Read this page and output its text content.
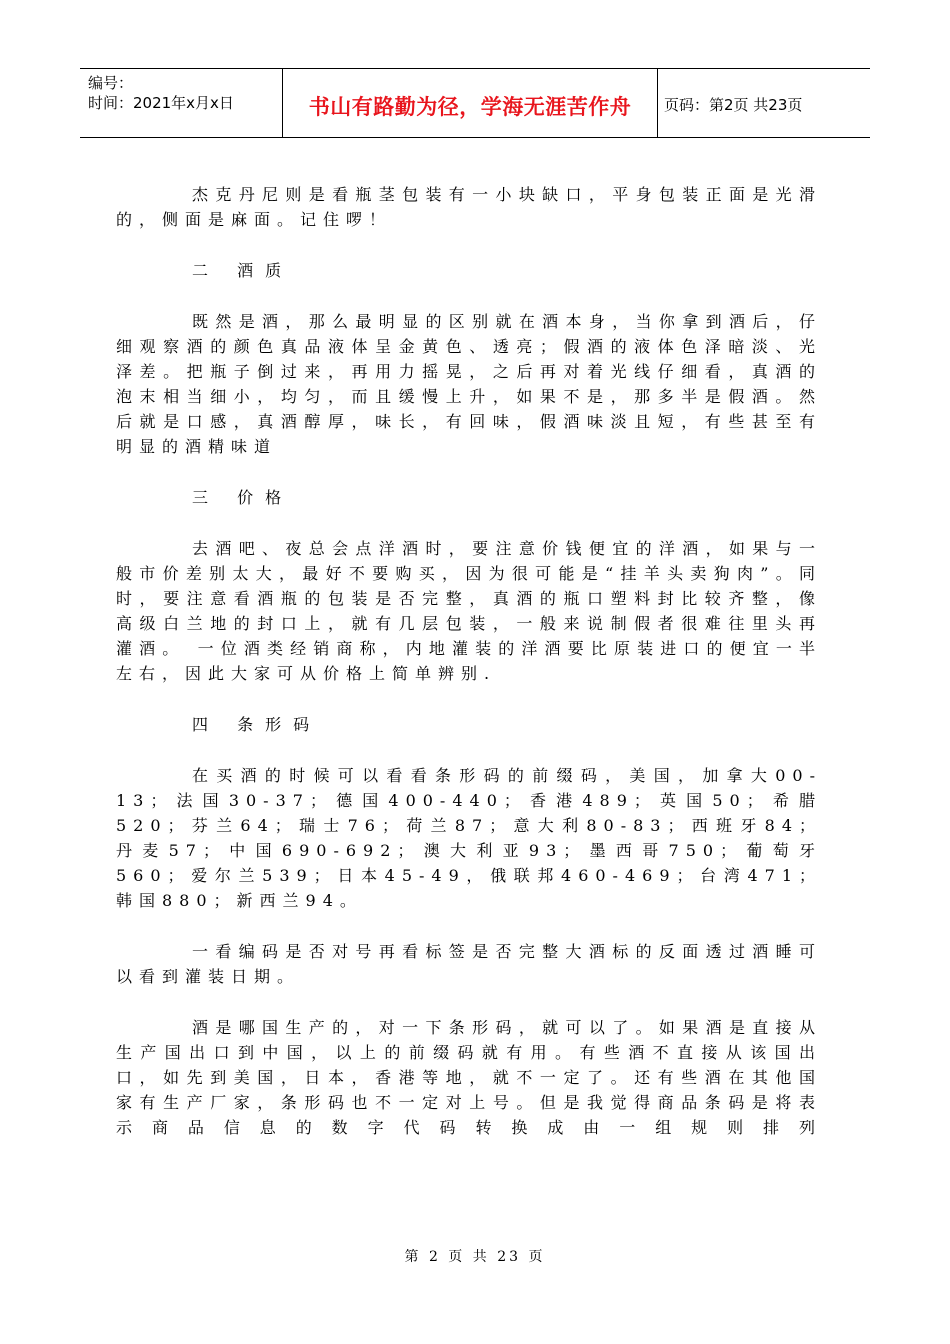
编号：
时间：2021年x月x日	书山有路勤为径，学海无涯苦作舟	页码：第2页 共23页

杰克丹尼则是看瓶茎包装有一小块缺口，平身包装正面是光滑的，侧面是麻面。记住啰！

二 酒质

既然是酒，那么最明显的区别就在酒本身，当你拿到酒后，仔细观察酒的颜色真品液体呈金黄色、透亮；假酒的液体色泽暗淡、光泽差。把瓶子倒过来，再用力摇晃，之后再对着光线仔细看，真酒的泡末相当细小，均匀，而且缓慢上升，如果不是，那多半是假酒。然后就是口感，真酒醇厚，味长，有回味，假酒味淡且短，有些甚至有明显的酒精味道

三 价格

去酒吧、夜总会点洋酒时，要注意价钱便宜的洋酒，如果与一般市价差别太大，最好不要购买，因为很可能是“挂羊头卖狗肉”。同时，要注意看酒瓶的包装是否完整，真酒的瓶口塑料封比较齐整，像高级白兰地的封口上，就有几层包装，一般来说制假者很难往里头再灌酒。 一位酒类经销商称，内地灌装的洋酒要比原装进口的便宜一半左右，因此大家可从价格上简单辨别.

四 条形码

在买酒的时候可以看看条形码的前缀码，美国，加拿大00-13；法国30-37；德国400-440；香港489；英国50；希腊520；芬兰64；瑞士76；荷兰87；意大利80-83；西班牙84；丹麦57；中国690-692；澳大利亚93；墨西哥750；葡萄牙560；爱尔兰539；日本45-49，俄联邦460-469；台湾471；韩国880；新西兰94。

一看编码是否对号再看标签是否完整大酒标的反面透过酒睡可以看到灌装日期。

酒是哪国生产的，对一下条形码，就可以了。如果酒是直接从生产国出口到中国，以上的前缀码就有用。有些酒不直接从该国出口，如先到美国，日本，香港等地，就不一定了。还有些酒在其他国家有生产厂家，条形码也不一定对上号。但是我觉得商品条码是将表示商品信息的数字代码转换成由一组规则排列

第 2 页 共 23 页
